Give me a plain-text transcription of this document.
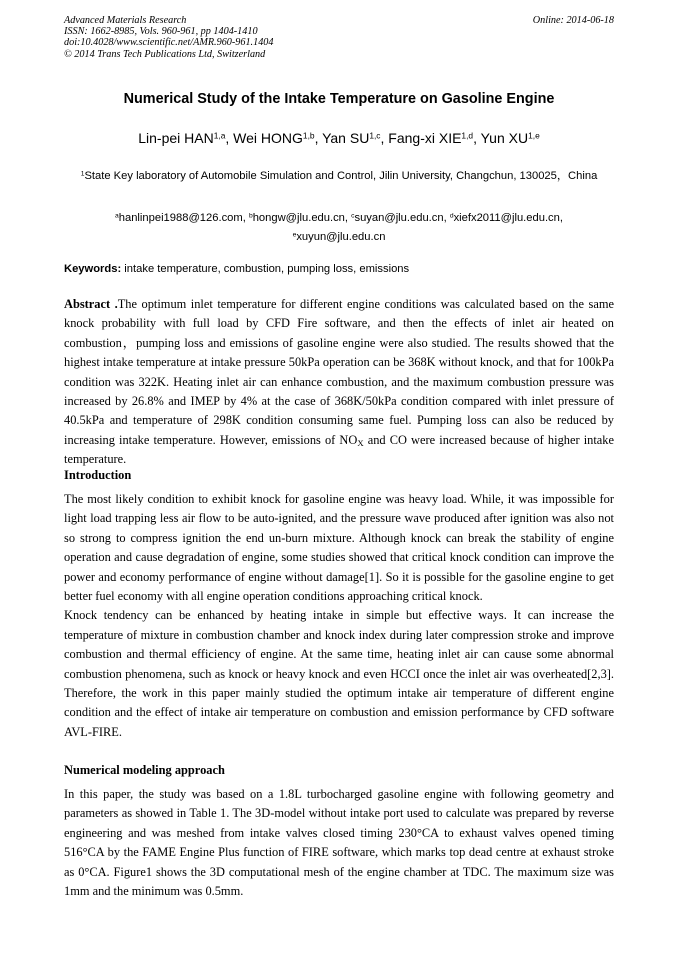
Advanced Materials Research
ISSN: 1662-8985, Vols. 960-961, pp 1404-1410
doi:10.4028/www.scientific.net/AMR.960-961.1404
© 2014 Trans Tech Publications Ltd, Switzerland
Online: 2014-06-18
Numerical Study of the Intake Temperature on Gasoline Engine
Lin-pei HAN$^{1,a}$, Wei HONG$^{1,b}$, Yan SU$^{1,c}$, Fang-xi XIE$^{1,d}$, Yun XU$^{1,e}$
$^1$State Key laboratory of Automobile Simulation and Control, Jilin University, Changchun, 130025，China
$^a$hanlinpei1988@126.com, $^b$hongw@jlu.edu.cn, $^c$suyan@jlu.edu.cn, $^d$xiefx2011@jlu.edu.cn,
$^e$xuyun@jlu.edu.cn
Keywords: intake temperature, combustion, pumping loss, emissions

Abstract .The optimum inlet temperature for different engine conditions was calculated based on the same knock probability with full load by CFD Fire software, and then the effects of inlet air heated on combustion，pumping loss and emissions of gasoline engine were also studied. The results showed that the highest intake temperature at intake pressure 50kPa operation can be 368K without knock, and that for 100kPa condition was 322K. Heating inlet air can enhance combustion, and the maximum combustion pressure was increased by 26.8% and IMEP by 4% at the case of 368K/50kPa condition compared with inlet pressure of 40.5kPa and temperature of 298K condition consuming same fuel. Pumping loss can also be reduced by increasing intake temperature. However, emissions of $NO_X$ and CO were increased because of higher intake temperature.

Introduction

The most likely condition to exhibit knock for gasoline engine was heavy load. While, it was impossible for light load trapping less air flow to be auto-ignited, and the pressure wave produced after ignition was also not so strong to compress ignition the end un-burn mixture. Although knock can break the stability of engine operation and cause degradation of engine, some studies showed that critical knock condition can improve the power and economy performance of engine without damage[1]. So it is possible for the gasoline engine to get better fuel economy with all engine operation conditions approaching critical knock.

Knock tendency can be enhanced by heating intake in simple but effective ways. It can increase the temperature of mixture in combustion chamber and knock index during later compression stroke and improve combustion and thermal efficiency of engine. At the same time, heating inlet air can cause some abnormal combustion phenomena, such as knock or heavy knock and even HCCI once the inlet air was overheated[2,3]. Therefore, the work in this paper mainly studied the optimum intake air temperature of different engine condition and the effect of intake air temperature on combustion and emission performance by CFD software AVL-FIRE.

Numerical modeling approach

In this paper, the study was based on a 1.8L turbocharged gasoline engine with following geometry and parameters as showed in Table 1. The 3D-model without intake port used to calculate was prepared by reverse engineering and was meshed from intake valves closed timing 230°CA to exhaust valves opened timing 516°CA by the FAME Engine Plus function of FIRE software, which marks top dead centre at exhaust stroke as 0°CA. Figure1 shows the 3D computational mesh of the engine chamber at TDC. The maximum size was 1mm and the minimum was 0.5mm.
